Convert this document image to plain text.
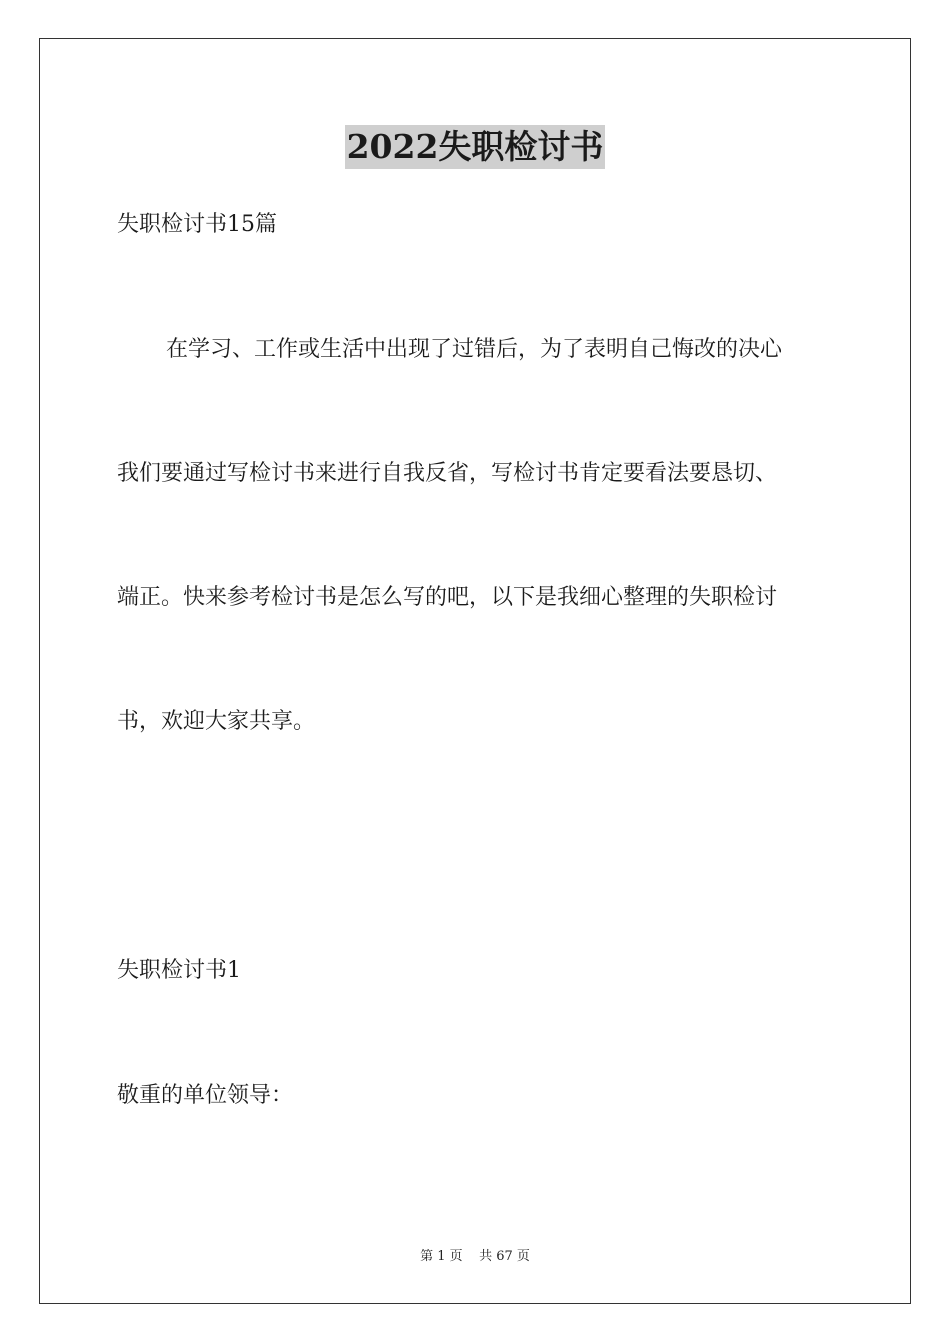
2022失职检讨书
失职检讨书15篇
在学习、工作或生活中出现了过错后，为了表明自己悔改的决心
我们要通过写检讨书来进行自我反省，写检讨书肯定要看法要恳切、
端正。快来参考检讨书是怎么写的吧，以下是我细心整理的失职检讨
书，欢迎大家共享。
失职检讨书1
敬重的单位领导：
第 1 页    共 67 页
